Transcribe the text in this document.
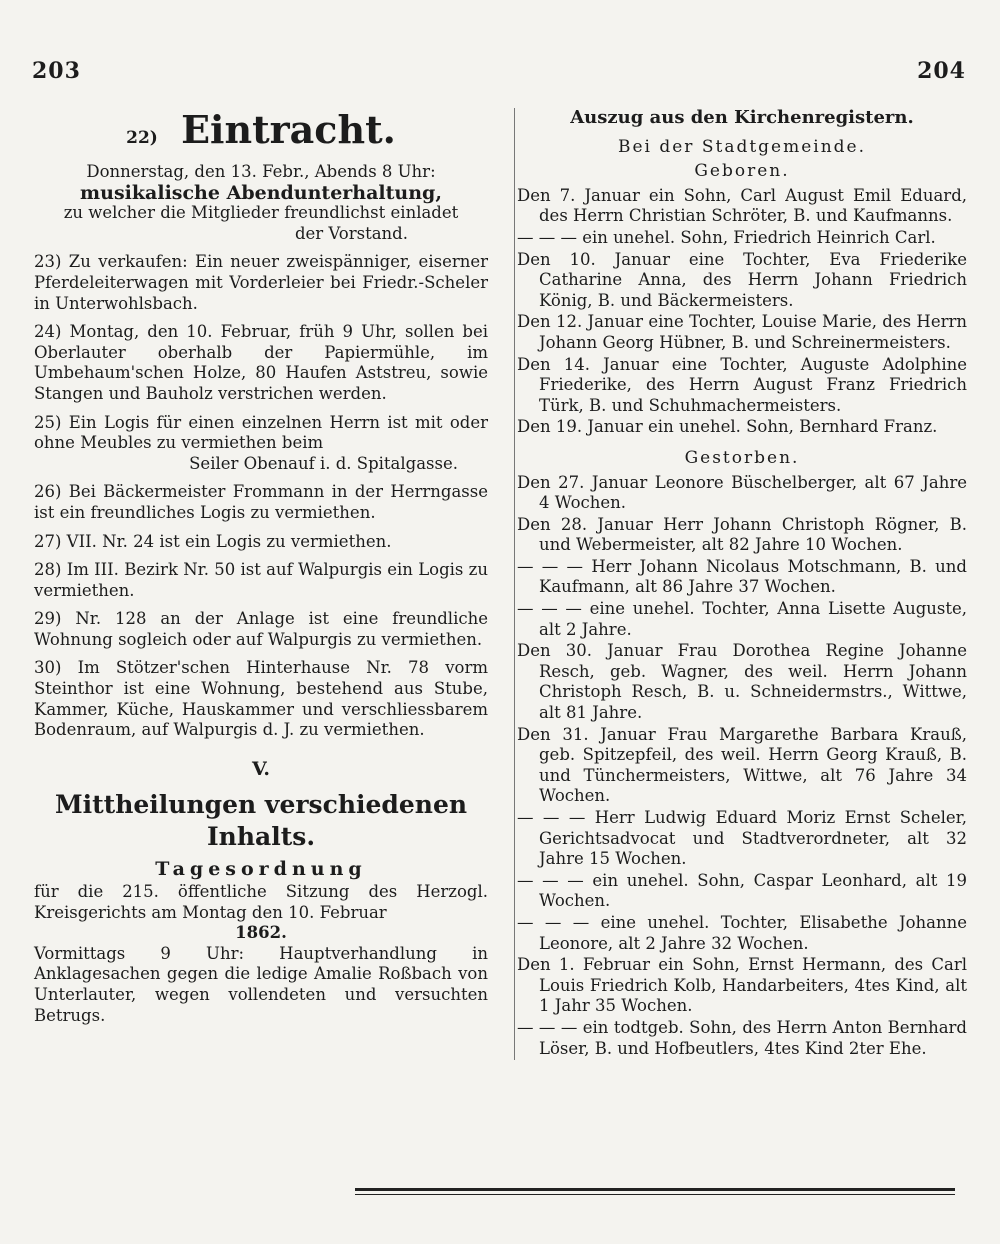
203	204

22) Eintracht.

Donnerstag, den 13. Febr., Abends 8 Uhr:

musikalische Abendunterhaltung,

zu welcher die Mitglieder freundlichst einladet

der Vorstand.

23) Zu verkaufen: Ein neuer zweispänniger, eiserner Pferdeleiterwagen mit Vorderleier bei Friedr.-Scheler in Unterwohlsbach.

24) Montag, den 10. Februar, früh 9 Uhr, sollen bei Oberlauter oberhalb der Papiermühle, im Umbehaum'schen Holze, 80 Haufen Aststreu, sowie Stangen und Bauholz verstrichen werden.

25) Ein Logis für einen einzelnen Herrn ist mit oder ohne Meubles zu vermiethen beim

Seiler Obenauf i. d. Spitalgasse.

26) Bei Bäckermeister Frommann in der Herrngasse ist ein freundliches Logis zu vermiethen.

27) VII. Nr. 24 ist ein Logis zu vermiethen.

28) Im III. Bezirk Nr. 50 ist auf Walpurgis ein Logis zu vermiethen.

29) Nr. 128 an der Anlage ist eine freundliche Wohnung sogleich oder auf Walpurgis zu vermiethen.

30) Im Stötzer'schen Hinterhause Nr. 78 vorm Steinthor ist eine Wohnung, bestehend aus Stube, Kammer, Küche, Hauskammer und verschliessbarem Bodenraum, auf Walpurgis d. J. zu vermiethen.

V.

Mittheilungen verschiedenen Inhalts.

Tagesordnung

für die 215. öffentliche Sitzung des Herzogl. Kreisgerichts am Montag den 10. Februar

1862.

Vormittags 9 Uhr: Hauptverhandlung in Anklagesachen gegen die ledige Amalie Roßbach von Unterlauter, wegen vollendeten und versuchten Betrugs.

Auszug aus den Kirchenregistern.

Bei der Stadtgemeinde.

Geboren.

Den 7. Januar ein Sohn, Carl August Emil Eduard, des Herrn Christian Schröter, B. und Kaufmanns.

— — — ein unehel. Sohn, Friedrich Heinrich Carl.

Den 10. Januar eine Tochter, Eva Friederike Catharine Anna, des Herrn Johann Friedrich König, B. und Bäckermeisters.

Den 12. Januar eine Tochter, Louise Marie, des Herrn Johann Georg Hübner, B. und Schreinermeisters.

Den 14. Januar eine Tochter, Auguste Adolphine Friederike, des Herrn August Franz Friedrich Türk, B. und Schuhmachermeisters.

Den 19. Januar ein unehel. Sohn, Bernhard Franz.

Gestorben.

Den 27. Januar Leonore Büschelberger, alt 67 Jahre 4 Wochen.

Den 28. Januar Herr Johann Christoph Rögner, B. und Webermeister, alt 82 Jahre 10 Wochen.

— — — Herr Johann Nicolaus Motschmann, B. und Kaufmann, alt 86 Jahre 37 Wochen.

— — — eine unehel. Tochter, Anna Lisette Auguste, alt 2 Jahre.

Den 30. Januar Frau Dorothea Regine Johanne Resch, geb. Wagner, des weil. Herrn Johann Christoph Resch, B. u. Schneidermstrs., Wittwe, alt 81 Jahre.

Den 31. Januar Frau Margarethe Barbara Krauß, geb. Spitzepfeil, des weil. Herrn Georg Krauß, B. und Tünchermeisters, Wittwe, alt 76 Jahre 34 Wochen.

— — — Herr Ludwig Eduard Moriz Ernst Scheler, Gerichtsadvocat und Stadtverordneter, alt 32 Jahre 15 Wochen.

— — — ein unehel. Sohn, Caspar Leonhard, alt 19 Wochen.

— — — eine unehel. Tochter, Elisabethe Johanne Leonore, alt 2 Jahre 32 Wochen.

Den 1. Februar ein Sohn, Ernst Hermann, des Carl Louis Friedrich Kolb, Handarbeiters, 4tes Kind, alt 1 Jahr 35 Wochen.

— — — ein todtgeb. Sohn, des Herrn Anton Bernhard Löser, B. und Hofbeutlers, 4tes Kind 2ter Ehe.
